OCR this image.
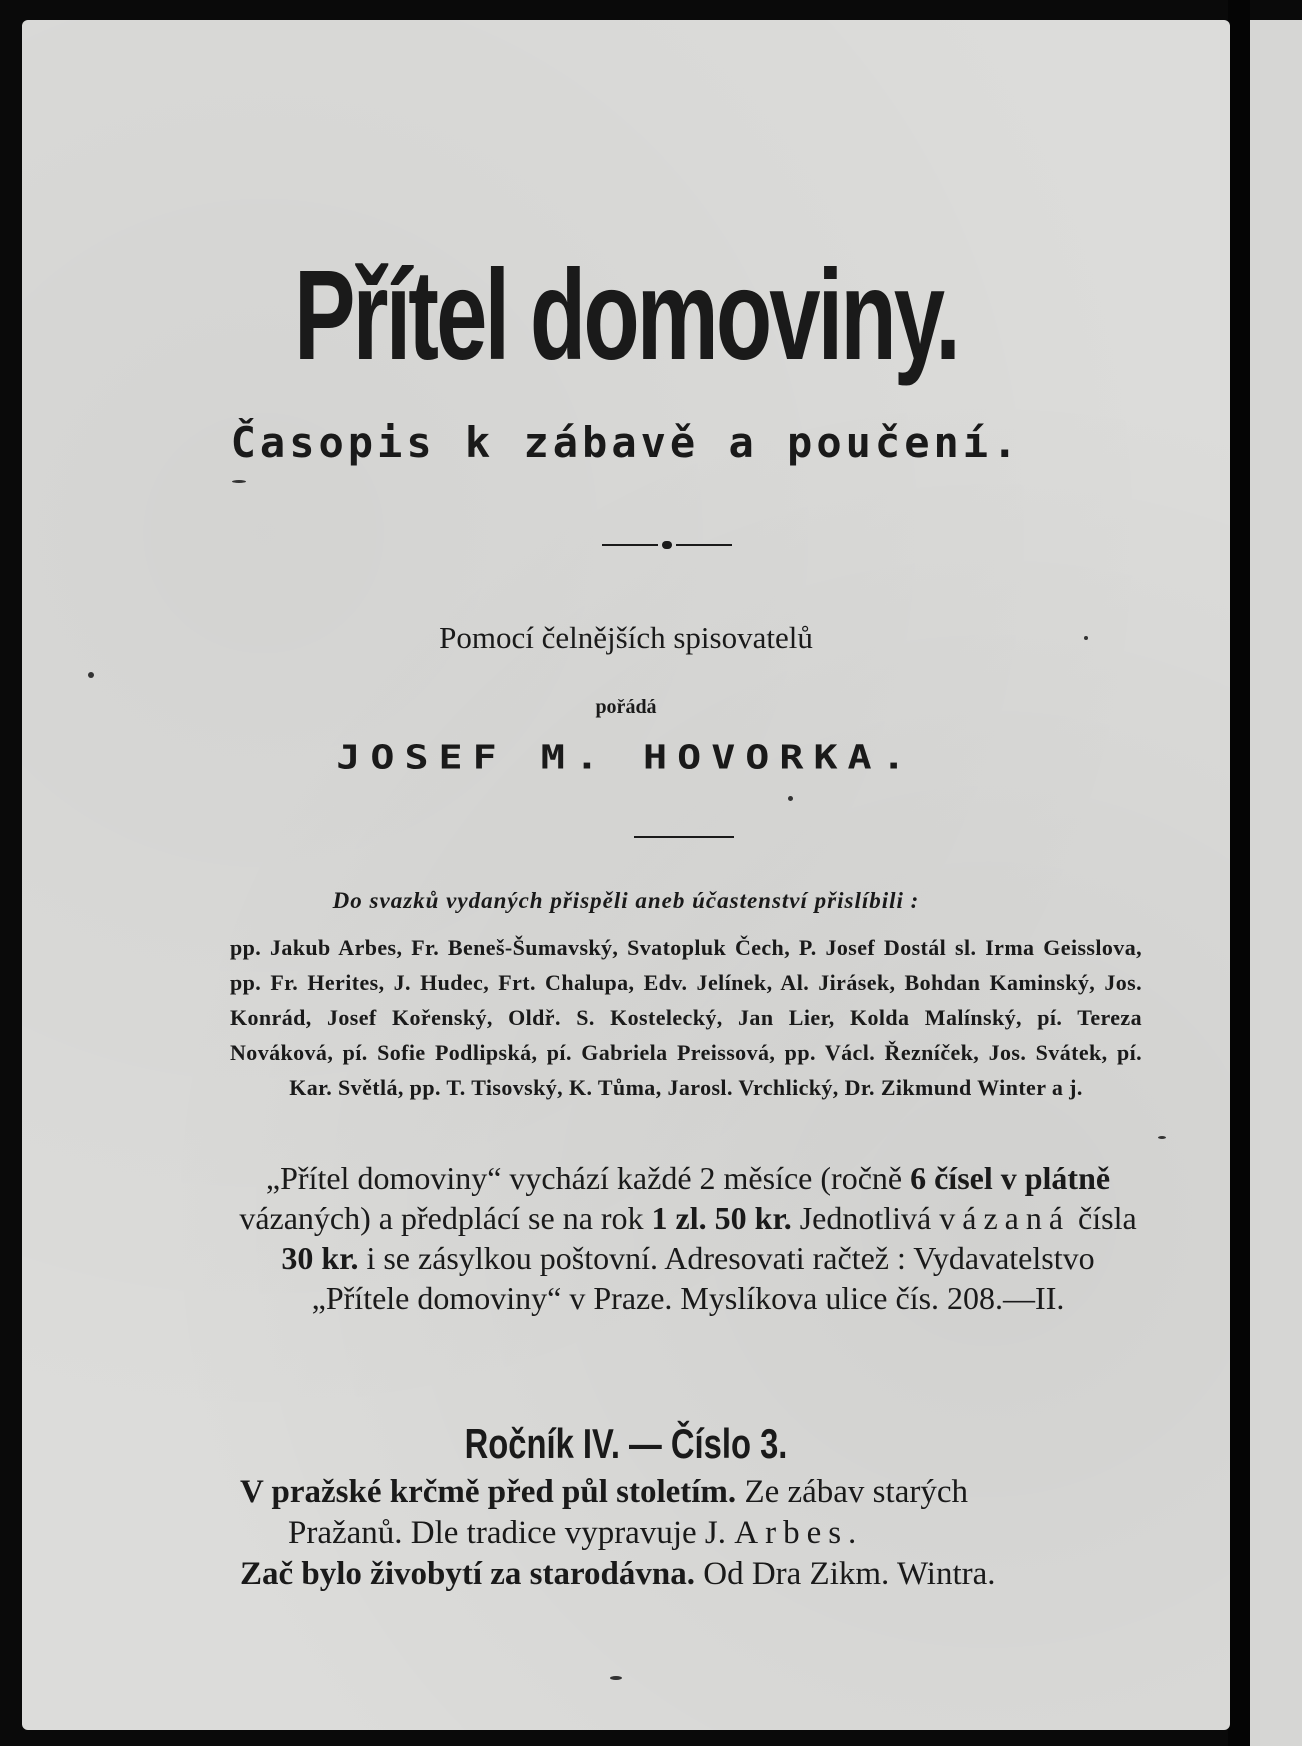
Přítel domoviny.
Časopis k zábavě a poučení.
Pomocí čelnějších spisovatelů
pořádá
JOSEF M. HOVORKA.
Do svazků vydaných přispěli aneb účastenství přislíbili :
pp. Jakub Arbes, Fr. Beneš-Šumavský, Svatopluk Čech, P. Josef Dostál sl. Irma Geisslova, pp. Fr. Herites, J. Hudec, Frt. Chalupa, Edv. Jelínek, Al. Jirásek, Bohdan Kaminský, Jos. Konrád, Josef Kořenský, Oldř. S. Kostelecký, Jan Lier, Kolda Malínský, pí. Tereza Nováková, pí. Sofie Podlipská, pí. Gabriela Preissová, pp. Václ. Řezníček, Jos. Svátek, pí. Kar. Světlá, pp. T. Tisovský, K. Tůma, Jarosl. Vrchlický, Dr. Zikmund Winter a j.
„Přítel domoviny“ vychází každé 2 měsíce (ročně 6 čísel v plátně vázaných) a předplácí se na rok 1 zl. 50 kr. Jednotlivá vázaná čísla 30 kr. i se zásylkou poštovní. Adresovati račtež : Vydavatelstvo „Přítele domoviny“ v Praze. Myslíkova ulice čís. 208.—II.
Ročník IV. — Číslo 3.
V pražské krčmě před půl stoletím. Ze zábav starých
Pražanů. Dle tradice vypravuje J. Arbes.
Zač bylo živobytí za starodávna. Od Dra Zikm. Wintra.
